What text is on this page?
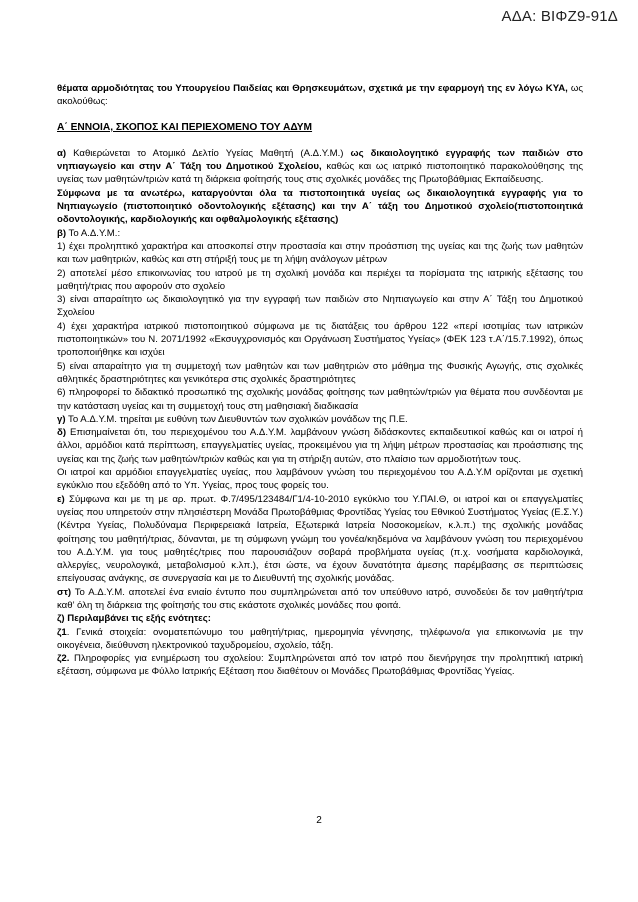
ΑΔΑ: ΒΙΦΖ9-91Δ

θέματα αρμοδιότητας του Υπουργείου Παιδείας και Θρησκευμάτων, σχετικά με την εφαρμογή της εν λόγω ΚΥΑ, ως ακολούθως:

Α΄ ΕΝΝΟΙΑ, ΣΚΟΠΟΣ ΚΑΙ ΠΕΡΙΕΧΟΜΕΝΟ ΤΟΥ ΑΔΥΜ

α) Καθιερώνεται το Ατομικό Δελτίο Υγείας Μαθητή (Α.Δ.Υ.Μ.) ως δικαιολογητικό εγγραφής των παιδιών στο νηπιαγωγείο και στην Α΄ Τάξη του Δημοτικού Σχολείου, καθώς και ως ιατρικό πιστοποιητικό παρακολούθησης της υγείας των μαθητών/τριών κατά τη διάρκεια φοίτησής τους στις σχολικές μονάδες της Πρωτοβάθμιας Εκπαίδευσης.

Σύμφωνα με τα ανωτέρω, καταργούνται όλα τα πιστοποιητικά υγείας ως δικαιολογητικά εγγραφής για το Νηπιαγωγείο (πιστοποιητικό οδοντολογικής εξέτασης) και την Α΄ τάξη του Δημοτικού σχολείο(πιστοποιητικά οδοντολογικής, καρδιολογικής και οφθαλμολογικής εξέτασης)

β) Το Α.Δ.Υ.Μ.:

1) έχει προληπτικό χαρακτήρα και αποσκοπεί στην προστασία και στην προάσπιση της υγείας και της ζωής των μαθητών και των μαθητριών, καθώς και στη στήριξή τους με τη λήψη ανάλογων μέτρων

2) αποτελεί μέσο επικοινωνίας του ιατρού με τη σχολική μονάδα και περιέχει τα πορίσματα της ιατρικής εξέτασης του μαθητή/τριας που αφορούν στο σχολείο

3) είναι απαραίτητο ως δικαιολογητικό για την εγγραφή των παιδιών στο Νηπιαγωγείο και στην Α΄ Τάξη του Δημοτικού Σχολείου

4) έχει χαρακτήρα ιατρικού πιστοποιητικού σύμφωνα με τις διατάξεις του άρθρου 122 «περί ισοτιμίας των ιατρικών πιστοποιητικών» του Ν. 2071/1992 «Εκσυγχρονισμός και Οργάνωση Συστήματος Υγείας» (ΦΕΚ 123 τ.Α΄/15.7.1992), όπως τροποποιήθηκε και ισχύει

5) είναι απαραίτητο για τη συμμετοχή των μαθητών και των μαθητριών στο μάθημα της Φυσικής Αγωγής, στις σχολικές αθλητικές δραστηριότητες και γενικότερα στις σχολικές δραστηριότητες

6) πληροφορεί το διδακτικό προσωπικό της σχολικής μονάδας φοίτησης των μαθητών/τριών για θέματα που συνδέονται με την κατάσταση υγείας και τη συμμετοχή τους στη μαθησιακή διαδικασία

γ) Το Α.Δ.Υ.Μ. τηρείται με ευθύνη των Διευθυντών των σχολικών μονάδων της Π.Ε.

δ) Επισημαίνεται ότι, του περιεχομένου του Α.Δ.Υ.Μ. λαμβάνουν γνώση διδάσκοντες εκπαιδευτικοί καθώς και οι ιατροί ή άλλοι, αρμόδιοι κατά περίπτωση, επαγγελματίες υγείας, προκειμένου για τη λήψη μέτρων προστασίας και προάσπισης της υγείας και της ζωής των μαθητών/τριών καθώς και για τη στήριξη αυτών, στο πλαίσιο των αρμοδιοτήτων τους.

Οι ιατροί και αρμόδιοι επαγγελματίες υγείας, που λαμβάνουν γνώση του περιεχομένου του Α.Δ.Υ.Μ ορίζονται με σχετική εγκύκλιο που εξεδόθη από το Υπ. Υγείας, προς τους φορείς του.

ε) Σύμφωνα και με τη με αρ. πρωτ. Φ.7/495/123484/Γ1/4-10-2010 εγκύκλιο του Υ.ΠΑΙ.Θ, οι ιατροί και οι επαγγελματίες υγείας που υπηρετούν στην πλησιέστερη Μονάδα Πρωτοβάθμιας Φροντίδας Υγείας του Εθνικού Συστήματος Υγείας (Ε.Σ.Υ.) (Κέντρα Υγείας, Πολυδύναμα Περιφερειακά Ιατρεία, Εξωτερικά Ιατρεία Νοσοκομείων, κ.λ.π.) της σχολικής μονάδας φοίτησης του μαθητή/τριας, δύνανται, με τη σύμφωνη γνώμη του γονέα/κηδεμόνα να λαμβάνουν γνώση του περιεχομένου του Α.Δ.Υ.Μ. για τους μαθητές/τριες που παρουσιάζουν σοβαρά προβλήματα υγείας (π.χ. νοσήματα καρδιολογικά, αλλεργίες, νευρολογικά, μεταβολισμού κ.λπ.), έτσι ώστε, να έχουν δυνατότητα άμεσης παρέμβασης σε περιπτώσεις επείγουσας ανάγκης, σε συνεργασία και με το Διευθυντή της σχολικής μονάδας.

στ) Το Α.Δ.Υ.Μ. αποτελεί ένα ενιαίο έντυπο που συμπληρώνεται από τον υπεύθυνο ιατρό, συνοδεύει δε τον μαθητή/τρια καθ’ όλη τη διάρκεια της φοίτησής του στις εκάστοτε σχολικές μονάδες που φοιτά.

ζ) Περιλαμβάνει τις εξής ενότητες:

ζ1. Γενικά στοιχεία: ονοματεπώνυμο του μαθητή/τριας, ημερομηνία γέννησης, τηλέφωνο/α για επικοινωνία με την οικογένεια, διεύθυνση ηλεκτρονικού ταχυδρομείου, σχολείο, τάξη.

ζ2. Πληροφορίες για ενημέρωση του σχολείου: Συμπληρώνεται από τον ιατρό που διενήργησε την προληπτική ιατρική εξέταση, σύμφωνα με Φύλλο Ιατρικής Εξέταση που διαθέτουν οι Μονάδες Πρωτοβάθμιας Φροντίδας Υγείας.

2
